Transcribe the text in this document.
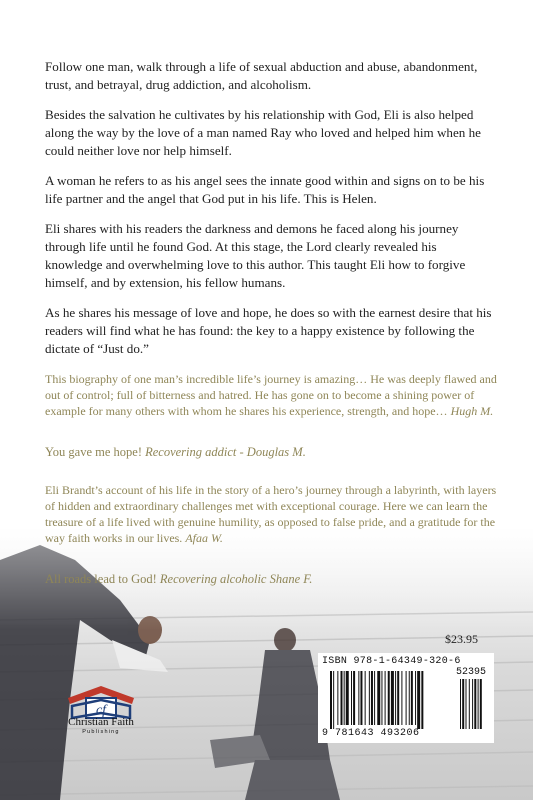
Follow one man, walk through a life of sexual abduction and abuse, abandonment, trust, and betrayal, drug addiction, and alcoholism.

Besides the salvation he cultivates by his relationship with God, Eli is also helped along the way by the love of a man named Ray who loved and helped him when he could neither love nor help himself.

A woman he refers to as his angel sees the innate good within and signs on to be his life partner and the angel that God put in his life. This is Helen.

Eli shares with his readers the darkness and demons he faced along his journey through life until he found God. At this stage, the Lord clearly revealed his knowledge and overwhelming love to this author. This taught Eli how to forgive himself, and by extension, his fellow humans.

As he shares his message of love and hope, he does so with the earnest desire that his readers will find what he has found: the key to a happy existence by following the dictate of “Just do.”

This biography of one man’s incredible life’s journey is amazing… He was deeply flawed and out of control; full of bitterness and hatred. He has gone on to become a shining power of example for many others with whom he shares his experience, strength, and hope… Hugh M.

You gave me hope! Recovering addict - Douglas M.

Eli Brandt’s account of his life in the story of a hero’s journey through a labyrinth, with layers of hidden and extraordinary challenges met with exceptional courage. Here we can learn the treasure of a life lived with genuine humility, as opposed to false pride, and a gratitude for the way faith works in our lives. Afaa W.

All roads lead to God! Recovering alcoholic Shane F.

cf
Christian Faith
Publishing
$23.95
ISBN 978-1-64349-320-6
52395
9 781643 493206
